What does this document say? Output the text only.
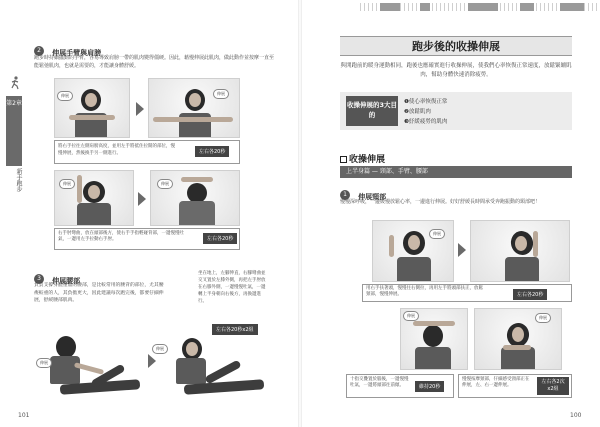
2 伸展手臂與肩膀
跑步時持續擺動的手臂，容易導致肩膀一帶的肌肉變得僵硬。因此，藉慢伸展此肌肉，做此動作並按摩一直至能鬆弛肌肉，也就是需要的，才能讓身體舒緩。
伸展	伸展
將右手拉往左側肩膀高度，並用左手將抵住拉開的部位，慢慢伸展，然後換手另一側進行。	左右各20秒
伸展	伸展
右手肘彎曲，放在頭部後方，使右手手指輕碰背部，一邊慢慢吐氣，一邊用左手拉動右手肘。	左右各20秒
3 伸展腰部
負責支撐身體重量的腰部，是比較常用的腰背的部位，尤其腰痠較重的人，其負擔更大，因此建議每次跑完後，都要仔細伸展，舒緩腰部肌肉。
坐在地上，左腳伸直，右腳彎曲並交叉置於左膝外側，再把左手肘放在右膝外側，一邊慢慢吐氣，一邊轉上半身朝向右後方，再換邊進行。
左右各20秒x2組
伸展
伸展
101
第2章
新手跑步
跑步後的收操伸展
與開跑前的暖身運動相同，跑後也應確實進行收操伸展，使我們心率恢復正常速度，放鬆緊繃肌肉，幫助身體快速消除疲勞。
收操伸展的3大目的
❶使心率恢復正常
❷放鬆肌肉
❸紓緩疲勞的肌肉
收操伸展
上半身篇 — 頸部、手臂、腰部
1 伸展頸部
慢慢深呼吸，一邊緩慢放鬆心率，一邊進行伸展。好好舒緩長時間承受奔跑振動的頸部吧！
伸展
用右手扶著頭，慢慢往右側拉，再用左手將頭部扶正，放鬆頸部，慢慢伸展。	左右各20秒
伸展	伸展
十指交疊置於腦後，一邊慢慢吐氣，一邊將頭部往前傾。	維持20秒
慢慢按摩頸部，仔細感受頸部正在伸展，左、右一邊伸展。
左右各2次x2組
100
